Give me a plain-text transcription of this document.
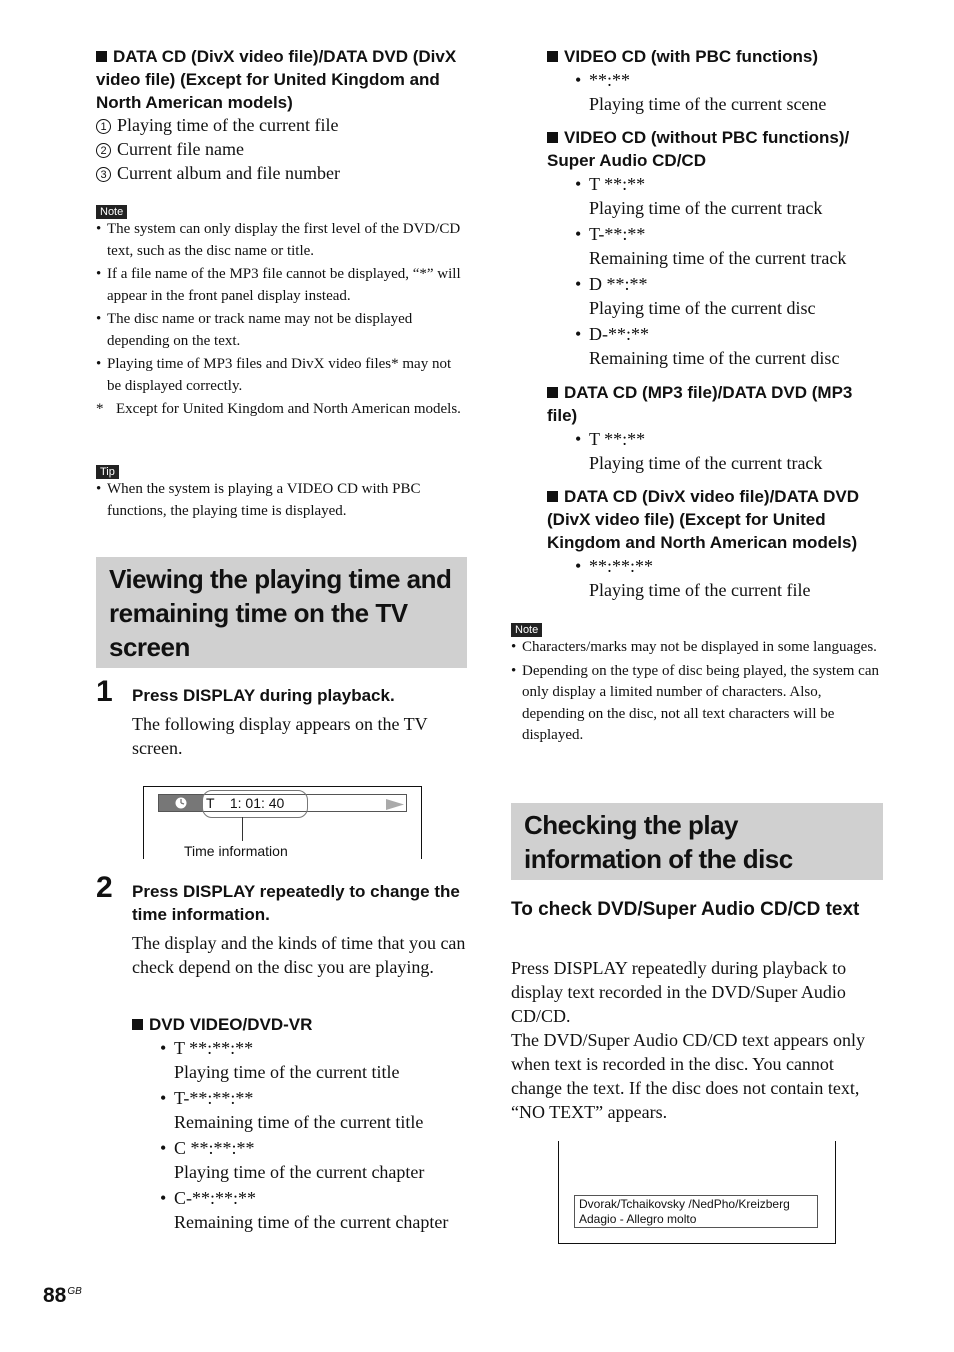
DATA CD (DivX video file)/DATA DVD (DivX video file) (Except for United Kingdom and North American models)
1 Playing time of the current file
2 Current file name
3 Current album and file number
Note
• The system can only display the first level of the DVD/CD text, such as the disc name or title.
• If a file name of the MP3 file cannot be displayed, “*” will appear in the front panel display instead.
• The disc name or track name may not be displayed depending on the text.
• Playing time of MP3 files and DivX video files* may not be displayed correctly.
* Except for United Kingdom and North American models.
Tip
• When the system is playing a VIDEO CD with PBC functions, the playing time is displayed.
Viewing the playing time and remaining time on the TV screen
1 Press DISPLAY during playback.
The following display appears on the TV screen.
T    1: 01: 40
Time information
2 Press DISPLAY repeatedly to change the time information.
The display and the kinds of time that you can check depend on the disc you are playing.
DVD VIDEO/DVD-VR
• T **:**:**
Playing time of the current title
• T-**:**:**
Remaining time of the current title
• C **:**:**
Playing time of the current chapter
• C-**:**:**
Remaining time of the current chapter
VIDEO CD (with PBC functions)
• **:**
Playing time of the current scene
VIDEO CD (without PBC functions)/ Super Audio CD/CD
• T **:**
Playing time of the current track
• T-**:**
Remaining time of the current track
• D **:**
Playing time of the current disc
• D-**:**
Remaining time of the current disc
DATA CD (MP3 file)/DATA DVD (MP3 file)
• T **:**
Playing time of the current track
DATA CD (DivX video file)/DATA DVD (DivX video file) (Except for United Kingdom and North American models)
• **:**:**
Playing time of the current file
Note
• Characters/marks may not be displayed in some languages.
• Depending on the type of disc being played, the system can only display a limited number of characters. Also, depending on the disc, not all text characters will be displayed.
Checking the play information of the disc
To check DVD/Super Audio CD/CD text
Press DISPLAY repeatedly during playback to display text recorded in the DVD/Super Audio CD/CD.
The DVD/Super Audio CD/CD text appears only when text is recorded in the disc. You cannot change the text. If the disc does not contain text, “NO TEXT” appears.
Dvorak/Tchaikovsky /NedPho/Kreizberg
Adagio - Allegro molto
$88^{GB}$
